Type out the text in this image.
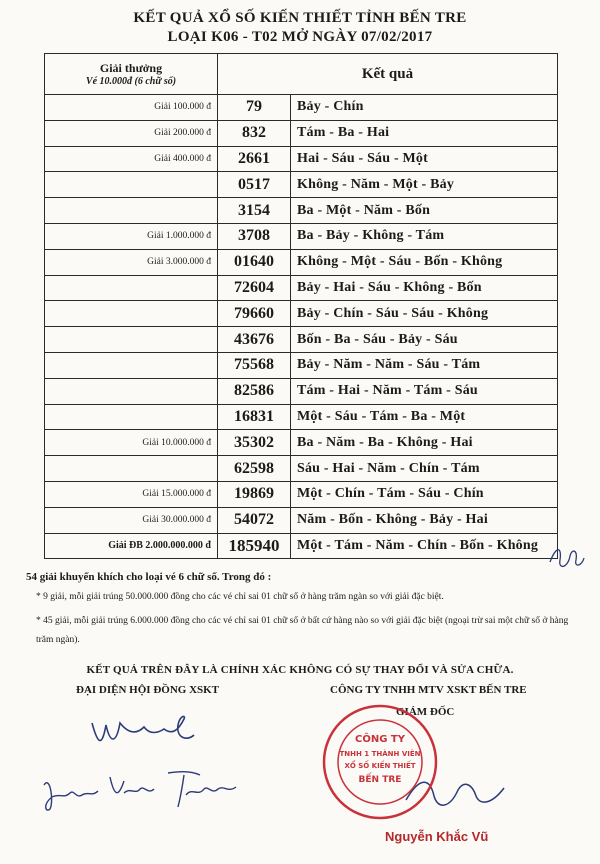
KẾT QUẢ XỔ SỐ KIẾN THIẾT TỈNH BẾN TRE
LOẠI K06 - T02 MỞ NGÀY 07/02/2017
Giải thưởng
Vé 10.000đ (6 chữ số)	Kết quả	
Giải 100.000 đ	79	Bảy - Chín
Giải 200.000 đ	832	Tám - Ba - Hai
Giải 400.000 đ	2661	Hai - Sáu - Sáu - Một
	0517	Không - Năm - Một - Bảy
	3154	Ba - Một - Năm - Bốn
Giải 1.000.000 đ	3708	Ba - Bảy - Không - Tám
Giải 3.000.000 đ	01640	Không - Một - Sáu - Bốn - Không
	72604	Bảy - Hai - Sáu - Không - Bốn
	79660	Bảy - Chín - Sáu - Sáu - Không
	43676	Bốn - Ba - Sáu - Bảy - Sáu
	75568	Bảy - Năm - Năm - Sáu - Tám
	82586	Tám - Hai - Năm - Tám - Sáu
	16831	Một - Sáu - Tám - Ba - Một
Giải 10.000.000 đ	35302	Ba - Năm - Ba - Không - Hai
	62598	Sáu - Hai - Năm - Chín - Tám
Giải 15.000.000 đ	19869	Một - Chín - Tám - Sáu - Chín
Giải 30.000.000 đ	54072	Năm - Bốn - Không - Bảy - Hai
Giải ĐB 2.000.000.000 đ	185940	Một - Tám - Năm - Chín - Bốn - Không
54 giải khuyến khích cho loại vé 6 chữ số. Trong đó :
* 9 giải, mỗi giải trúng 50.000.000 đồng cho các vé chỉ sai 01 chữ số ở hàng trăm ngàn so với giải đặc biệt.
* 45 giải, mỗi giải trúng 6.000.000 đồng cho các vé chỉ sai 01 chữ số ở bất cứ hàng nào so với giải đặc biệt (ngoại trừ sai một chữ số ở hàng trăm ngàn).
KẾT QUẢ TRÊN ĐÂY LÀ CHÍNH XÁC KHÔNG CÓ SỰ THAY ĐỔI VÀ SỬA CHỮA.
ĐẠI DIỆN HỘI ĐỒNG XSKT	CÔNG TY TNHH MTV XSKT BẾN TRE
GIÁM ĐỐC
CÔNG TY
TNHH 1 THÀNH VIÊN
XỔ SỐ KIẾN THIẾT
BẾN TRE
Nguyễn Khắc Vũ
